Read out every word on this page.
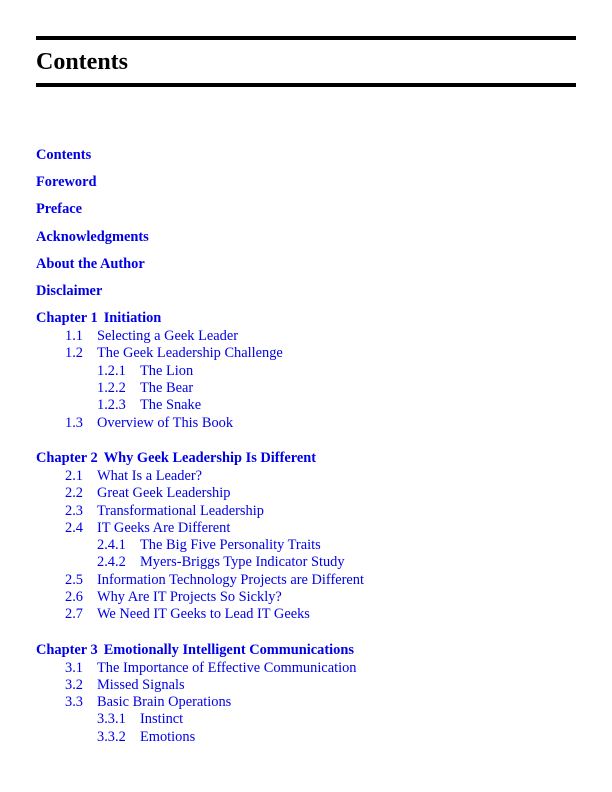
Contents
Contents
Foreword
Preface
Acknowledgments
About the Author
Disclaimer
Chapter 1 Initiation
1.1 Selecting a Geek Leader
1.2 The Geek Leadership Challenge
1.2.1 The Lion
1.2.2 The Bear
1.2.3 The Snake
1.3 Overview of This Book
Chapter 2 Why Geek Leadership Is Different
2.1 What Is a Leader?
2.2 Great Geek Leadership
2.3 Transformational Leadership
2.4 IT Geeks Are Different
2.4.1 The Big Five Personality Traits
2.4.2 Myers-Briggs Type Indicator Study
2.5 Information Technology Projects are Different
2.6 Why Are IT Projects So Sickly?
2.7 We Need IT Geeks to Lead IT Geeks
Chapter 3 Emotionally Intelligent Communications
3.1 The Importance of Effective Communication
3.2 Missed Signals
3.3 Basic Brain Operations
3.3.1 Instinct
3.3.2 Emotions
